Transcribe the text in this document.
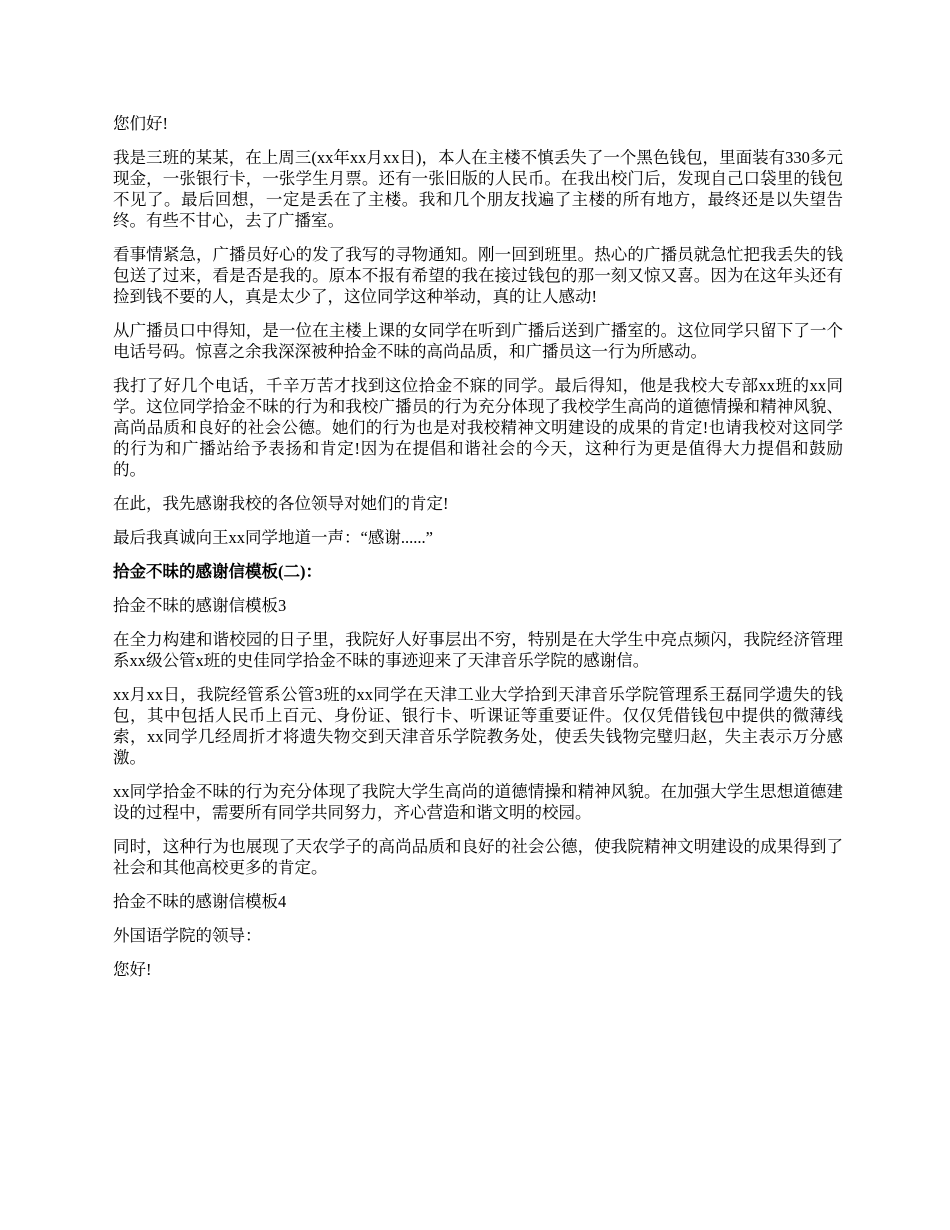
您们好!

我是三班的某某，在上周三(xx年xx月xx日)，本人在主楼不慎丢失了一个黑色钱包，里面装有330多元现金，一张银行卡，一张学生月票。还有一张旧版的人民币。在我出校门后，发现自己口袋里的钱包不见了。最后回想，一定是丢在了主楼。我和几个朋友找遍了主楼的所有地方，最终还是以失望告终。有些不甘心，去了广播室。

看事情紧急，广播员好心的发了我写的寻物通知。刚一回到班里。热心的广播员就急忙把我丢失的钱包送了过来，看是否是我的。原本不报有希望的我在接过钱包的那一刻又惊又喜。因为在这年头还有捡到钱不要的人，真是太少了，这位同学这种举动，真的让人感动!

从广播员口中得知，是一位在主楼上课的女同学在听到广播后送到广播室的。这位同学只留下了一个电话号码。惊喜之余我深深被种拾金不昧的高尚品质，和广播员这一行为所感动。

我打了好几个电话，千辛万苦才找到这位拾金不寐的同学。最后得知，他是我校大专部xx班的xx同学。这位同学拾金不昧的行为和我校广播员的行为充分体现了我校学生高尚的道德情操和精神风貌、高尚品质和良好的社会公德。她们的行为也是对我校精神文明建设的成果的肯定!也请我校对这同学的行为和广播站给予表扬和肯定!因为在提倡和谐社会的今天，这种行为更是值得大力提倡和鼓励的。

在此，我先感谢我校的各位领导对她们的肯定!

最后我真诚向王xx同学地道一声：“感谢......”

拾金不昧的感谢信模板(二)：

拾金不昧的感谢信模板3

在全力构建和谐校园的日子里，我院好人好事层出不穷，特别是在大学生中亮点频闪，我院经济管理系xx级公管x班的史佳同学拾金不昧的事迹迎来了天津音乐学院的感谢信。

xx月xx日，我院经管系公管3班的xx同学在天津工业大学拾到天津音乐学院管理系王磊同学遗失的钱包，其中包括人民币上百元、身份证、银行卡、听课证等重要证件。仅仅凭借钱包中提供的微薄线索，xx同学几经周折才将遗失物交到天津音乐学院教务处，使丢失钱物完璧归赵，失主表示万分感激。

xx同学拾金不昧的行为充分体现了我院大学生高尚的道德情操和精神风貌。在加强大学生思想道德建设的过程中，需要所有同学共同努力，齐心营造和谐文明的校园。

同时，这种行为也展现了天农学子的高尚品质和良好的社会公德，使我院精神文明建设的成果得到了社会和其他高校更多的肯定。

拾金不昧的感谢信模板4

外国语学院的领导：

您好!
